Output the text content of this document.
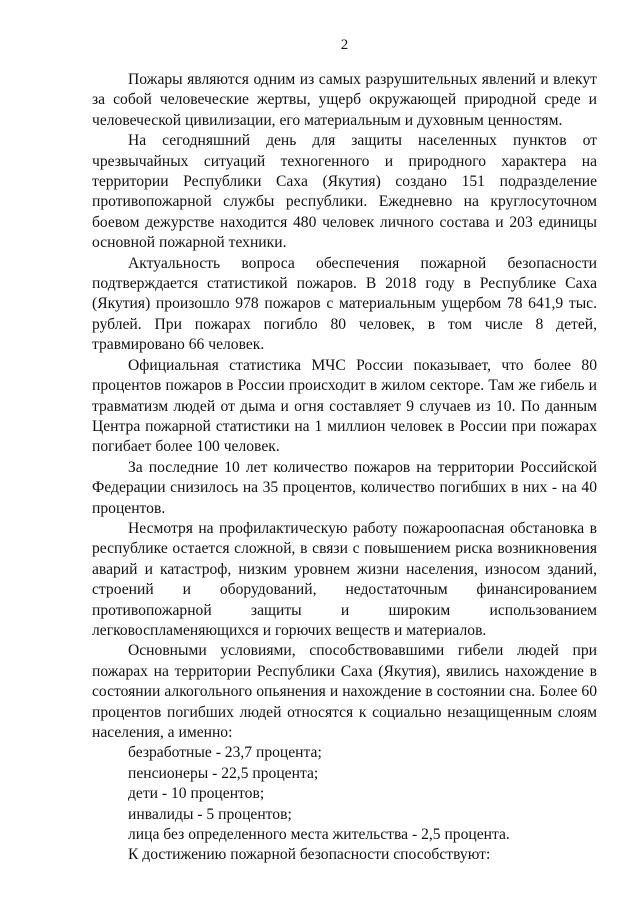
2

Пожары являются одним из самых разрушительных явлений и влекут за собой человеческие жертвы, ущерб окружающей природной среде и человеческой цивилизации, его материальным и духовным ценностям.

На сегодняшний день для защиты населенных пунктов от чрезвычайных ситуаций техногенного и природного характера на территории Республики Саха (Якутия) создано 151 подразделение противопожарной службы республики. Ежедневно на круглосуточном боевом дежурстве находится 480 человек личного состава и 203 единицы основной пожарной техники.

Актуальность вопроса обеспечения пожарной безопасности подтверждается статистикой пожаров. В 2018 году в Республике Саха (Якутия) произошло 978 пожаров с материальным ущербом 78 641,9 тыс. рублей. При пожарах погибло 80 человек, в том числе 8 детей, травмировано 66 человек.

Официальная статистика МЧС России показывает, что более 80 процентов пожаров в России происходит в жилом секторе. Там же гибель и травматизм людей от дыма и огня составляет 9 случаев из 10. По данным Центра пожарной статистики на 1 миллион человек в России при пожарах погибает более 100 человек.

За последние 10 лет количество пожаров на территории Российской Федерации снизилось на 35 процентов, количество погибших в них - на 40 процентов.

Несмотря на профилактическую работу пожароопасная обстановка в республике остается сложной, в связи с повышением риска возникновения аварий и катастроф, низким уровнем жизни населения, износом зданий, строений и оборудований, недостаточным финансированием противопожарной защиты и широким использованием легковоспламеняющихся и горючих веществ и материалов.

Основными условиями, способствовавшими гибели людей при пожарах на территории Республики Саха (Якутия), явились нахождение в состоянии алкогольного опьянения и нахождение в состоянии сна. Более 60 процентов погибших людей относятся к социально незащищенным слоям населения, а именно:

безработные - 23,7 процента;
пенсионеры - 22,5 процента;
дети - 10 процентов;
инвалиды - 5 процентов;
лица без определенного места жительства - 2,5 процента.

К достижению пожарной безопасности способствуют:
